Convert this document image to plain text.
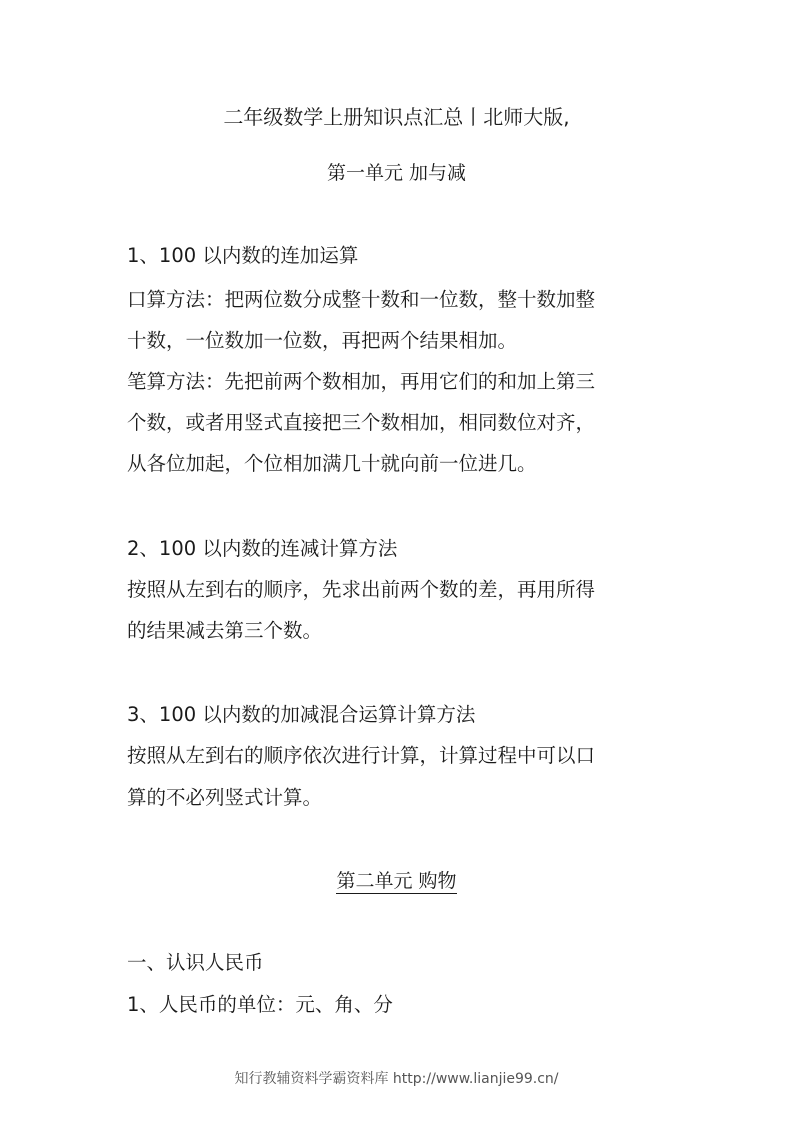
二年级数学上册知识点汇总丨北师大版,
第一单元 加与减
1、100 以内数的连加运算
口算方法：把两位数分成整十数和一位数，整十数加整
十数，一位数加一位数，再把两个结果相加。
笔算方法：先把前两个数相加，再用它们的和加上第三
个数，或者用竖式直接把三个数相加，相同数位对齐，
从各位加起，个位相加满几十就向前一位进几。
2、100 以内数的连减计算方法
按照从左到右的顺序，先求出前两个数的差，再用所得
的结果减去第三个数。
3、100 以内数的加减混合运算计算方法
按照从左到右的顺序依次进行计算，计算过程中可以口
算的不必列竖式计算。
第二单元 购物
一、认识人民币
1、人民币的单位：元、角、分
知行教辅资料学霸资料库 http://www.lianjie99.cn/
